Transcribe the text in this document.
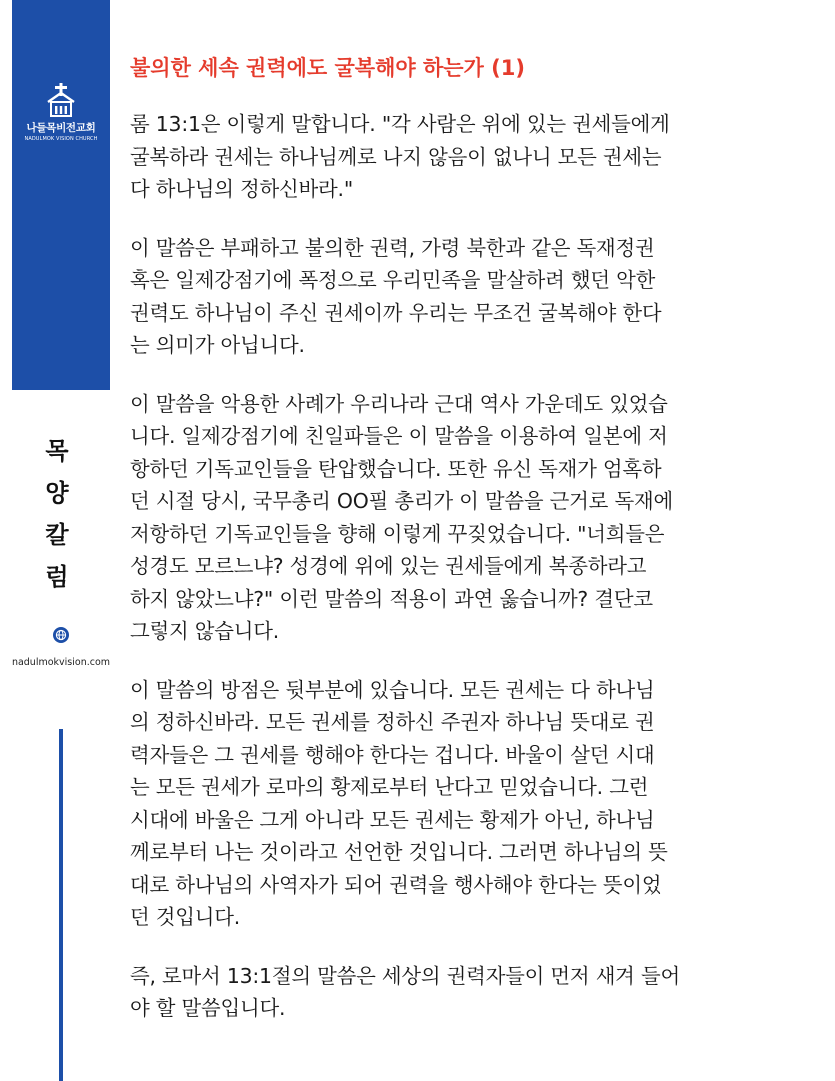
나들목비전교회
NADULMOK VISION CHURCH
목
양
칼
럼
nadulmokvision.com
불의한 세속 권력에도 굴복해야 하는가 (1)

롬 13:1은 이렇게 말합니다. "각 사람은 위에 있는 권세들에게
굴복하라 권세는 하나님께로 나지 않음이 없나니 모든 권세는
다 하나님의 정하신바라."

이 말씀은 부패하고 불의한 권력, 가령 북한과 같은 독재정권
혹은 일제강점기에 폭정으로 우리민족을 말살하려 했던 악한
권력도 하나님이 주신 권세이까 우리는 무조건 굴복해야 한다
는 의미가 아닙니다.

이 말씀을 악용한 사례가 우리나라 근대 역사 가운데도 있었습
니다. 일제강점기에 친일파들은 이 말씀을 이용하여 일본에 저
항하던 기독교인들을 탄압했습니다. 또한 유신 독재가 엄혹하
던 시절 당시, 국무총리 OO필 총리가 이 말씀을 근거로 독재에
저항하던 기독교인들을 향해 이렇게 꾸짖었습니다. "너희들은
성경도 모르느냐? 성경에 위에 있는 권세들에게 복종하라고
하지 않았느냐?" 이런 말씀의 적용이 과연 옳습니까? 결단코
그렇지 않습니다.

이 말씀의 방점은 뒷부분에 있습니다. 모든 권세는 다 하나님
의 정하신바라. 모든 권세를 정하신 주권자 하나님 뜻대로 권
력자들은 그 권세를 행해야 한다는 겁니다. 바울이 살던 시대
는 모든 권세가 로마의 황제로부터 난다고 믿었습니다. 그런
시대에 바울은 그게 아니라 모든 권세는 황제가 아닌, 하나님
께로부터 나는 것이라고 선언한 것입니다. 그러면 하나님의 뜻
대로 하나님의 사역자가 되어 권력을 행사해야 한다는 뜻이었
던 것입니다.

즉, 로마서 13:1절의 말씀은 세상의 권력자들이 먼저 새겨 들어
야 할 말씀입니다.
